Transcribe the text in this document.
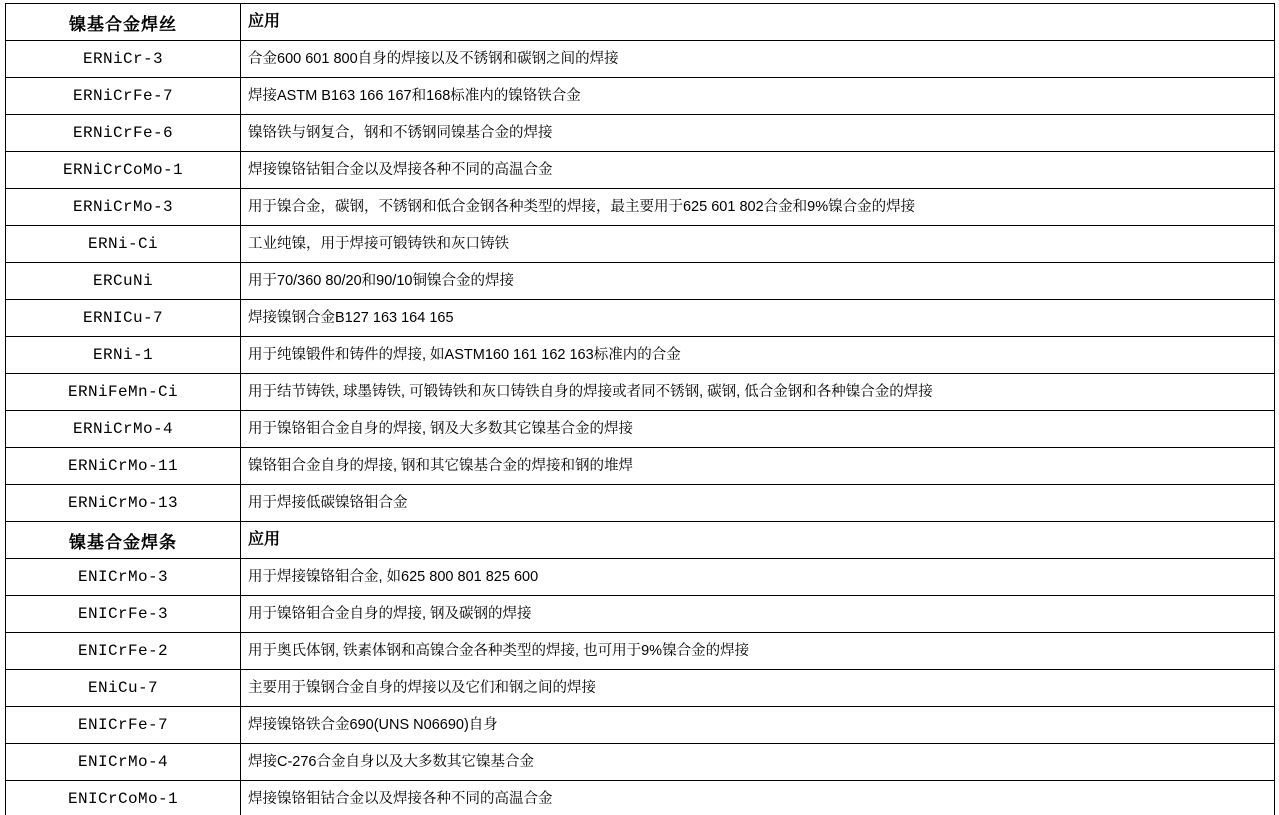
镍基合金焊丝	应用
ERNiCr-3	合金600 601 800自身的焊接以及不锈钢和碳钢之间的焊接
ERNiCrFe-7	焊接ASTM B163 166 167和168标准内的镍铬铁合金
ERNiCrFe-6	镍铬铁与钢复合，钢和不锈钢同镍基合金的焊接
ERNiCrCoMo-1	焊接镍铬钴钼合金以及焊接各种不同的高温合金
ERNiCrMo-3	用于镍合金，碳钢，不锈钢和低合金钢各种类型的焊接，最主要用于625 601 802合金和9%镍合金的焊接
ERNi-Ci	工业纯镍，用于焊接可锻铸铁和灰口铸铁
ERCuNi	用于70/360 80/20和90/10铜镍合金的焊接
ERNICu-7	焊接镍钢合金B127 163 164 165
ERNi-1	用于纯镍锻件和铸件的焊接, 如ASTM160 161 162 163标准内的合金
ERNiFeMn-Ci	用于结节铸铁, 球墨铸铁, 可锻铸铁和灰口铸铁自身的焊接或者同不锈钢, 碳钢, 低合金钢和各种镍合金的焊接
ERNiCrMo-4	用于镍铬钼合金自身的焊接, 钢及大多数其它镍基合金的焊接
ERNiCrMo-11	镍铬钼合金自身的焊接, 钢和其它镍基合金的焊接和钢的堆焊
ERNiCrMo-13	用于焊接低碳镍铬钼合金
镍基合金焊条	应用
ENICrMo-3	用于焊接镍铬钼合金, 如625 800 801 825 600
ENICrFe-3	用于镍铬钼合金自身的焊接, 钢及碳钢的焊接
ENICrFe-2	用于奥氏体钢, 铁素体钢和高镍合金各种类型的焊接, 也可用于9%镍合金的焊接
ENiCu-7	主要用于镍钢合金自身的焊接以及它们和钢之间的焊接
ENICrFe-7	焊接镍铬铁合金690(UNS N06690)自身
ENICrMo-4	焊接C-276合金自身以及大多数其它镍基合金
ENICrCoMo-1	焊接镍铬钼钴合金以及焊接各种不同的高温合金
